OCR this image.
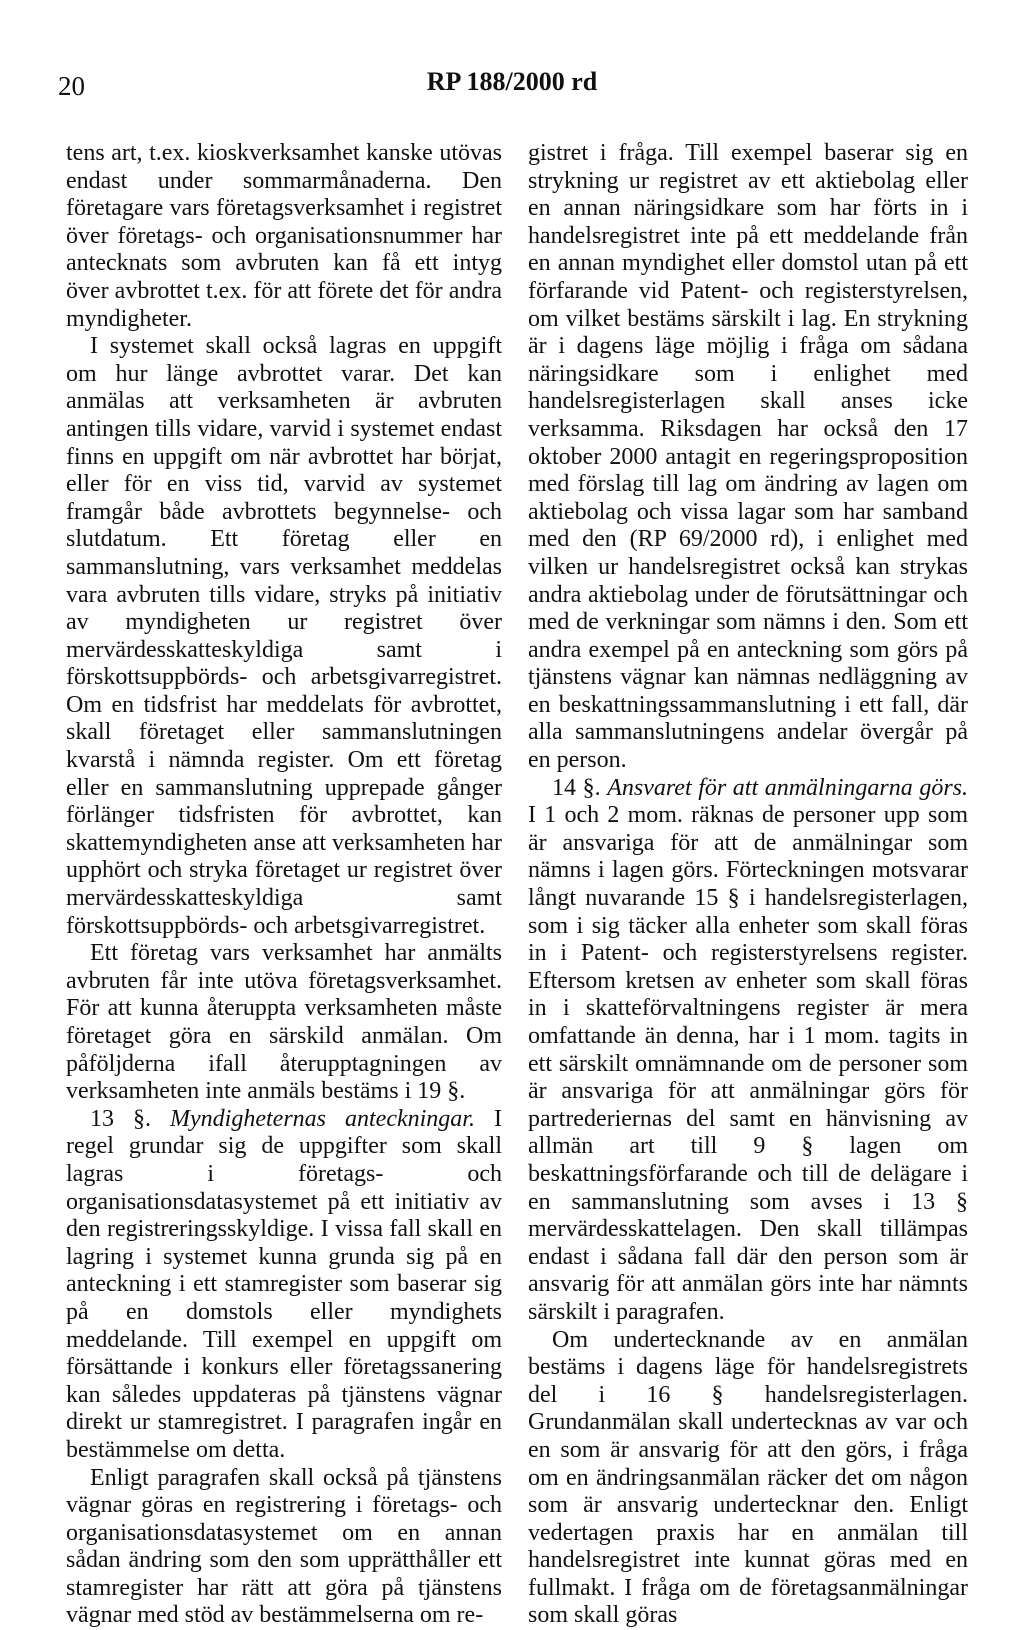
20	RP 188/2000 rd

tens art, t.ex. kioskverksamhet kanske utövas endast under sommarmånaderna. Den företagare vars företagsverksamhet i registret över företags- och organisationsnummer har antecknats som avbruten kan få ett intyg över avbrottet t.ex. för att förete det för andra myndigheter.

I systemet skall också lagras en uppgift om hur länge avbrottet varar. Det kan anmälas att verksamheten är avbruten antingen tills vidare, varvid i systemet endast finns en uppgift om när avbrottet har börjat, eller för en viss tid, varvid av systemet framgår både avbrottets begynnelse- och slutdatum. Ett företag eller en sammanslutning, vars verksamhet meddelas vara avbruten tills vidare, stryks på initiativ av myndigheten ur registret över mervärdesskatteskyldiga samt i förskottsuppbörds- och arbetsgivarregistret. Om en tidsfrist har meddelats för avbrottet, skall företaget eller sammanslutningen kvarstå i nämnda register. Om ett företag eller en sammanslutning upprepade gånger förlänger tidsfristen för avbrottet, kan skattemyndigheten anse att verksamheten har upphört och stryka företaget ur registret över mervärdesskatteskyldiga samt förskottsuppbörds- och arbetsgivarregistret.

Ett företag vars verksamhet har anmälts avbruten får inte utöva företagsverksamhet. För att kunna återuppta verksamheten måste företaget göra en särskild anmälan. Om påföljderna ifall återupptagningen av verksamheten inte anmäls bestäms i 19 §.

13 §. Myndigheternas anteckningar. I regel grundar sig de uppgifter som skall lagras i företags- och organisationsdatasystemet på ett initiativ av den registreringsskyldige. I vissa fall skall en lagring i systemet kunna grunda sig på en anteckning i ett stamregister som baserar sig på en domstols eller myndighets meddelande. Till exempel en uppgift om försättande i konkurs eller företagssanering kan således uppdateras på tjänstens vägnar direkt ur stamregistret. I paragrafen ingår en bestämmelse om detta.

Enligt paragrafen skall också på tjänstens vägnar göras en registrering i företags- och organisationsdatasystemet om en annan sådan ändring som den som upprätthåller ett stamregister har rätt att göra på tjänstens vägnar med stöd av bestämmelserna om re-

gistret i fråga. Till exempel baserar sig en strykning ur registret av ett aktiebolag eller en annan näringsidkare som har förts in i handelsregistret inte på ett meddelande från en annan myndighet eller domstol utan på ett förfarande vid Patent- och registerstyrelsen, om vilket bestäms särskilt i lag. En strykning är i dagens läge möjlig i fråga om sådana näringsidkare som i enlighet med handelsregisterlagen skall anses icke verksamma. Riksdagen har också den 17 oktober 2000 antagit en regeringsproposition med förslag till lag om ändring av lagen om aktiebolag och vissa lagar som har samband med den (RP 69/2000 rd), i enlighet med vilken ur handelsregistret också kan strykas andra aktiebolag under de förutsättningar och med de verkningar som nämns i den. Som ett andra exempel på en anteckning som görs på tjänstens vägnar kan nämnas nedläggning av en beskattningssammanslutning i ett fall, där alla sammanslutningens andelar övergår på en person.

14 §. Ansvaret för att anmälningarna görs. I 1 och 2 mom. räknas de personer upp som är ansvariga för att de anmälningar som nämns i lagen görs. Förteckningen motsvarar långt nuvarande 15 § i handelsregisterlagen, som i sig täcker alla enheter som skall föras in i Patent- och registerstyrelsens register. Eftersom kretsen av enheter som skall föras in i skatteförvaltningens register är mera omfattande än denna, har i 1 mom. tagits in ett särskilt omnämnande om de personer som är ansvariga för att anmälningar görs för partrederiernas del samt en hänvisning av allmän art till 9 § lagen om beskattningsförfarande och till de delägare i en sammanslutning som avses i 13 § mervärdesskattelagen. Den skall tillämpas endast i sådana fall där den person som är ansvarig för att anmälan görs inte har nämnts särskilt i paragrafen.

Om undertecknande av en anmälan bestäms i dagens läge för handelsregistrets del i 16 § handelsregisterlagen. Grundanmälan skall undertecknas av var och en som är ansvarig för att den görs, i fråga om en ändringsanmälan räcker det om någon som är ansvarig undertecknar den. Enligt vedertagen praxis har en anmälan till handelsregistret inte kunnat göras med en fullmakt. I fråga om de företagsanmälningar som skall göras
